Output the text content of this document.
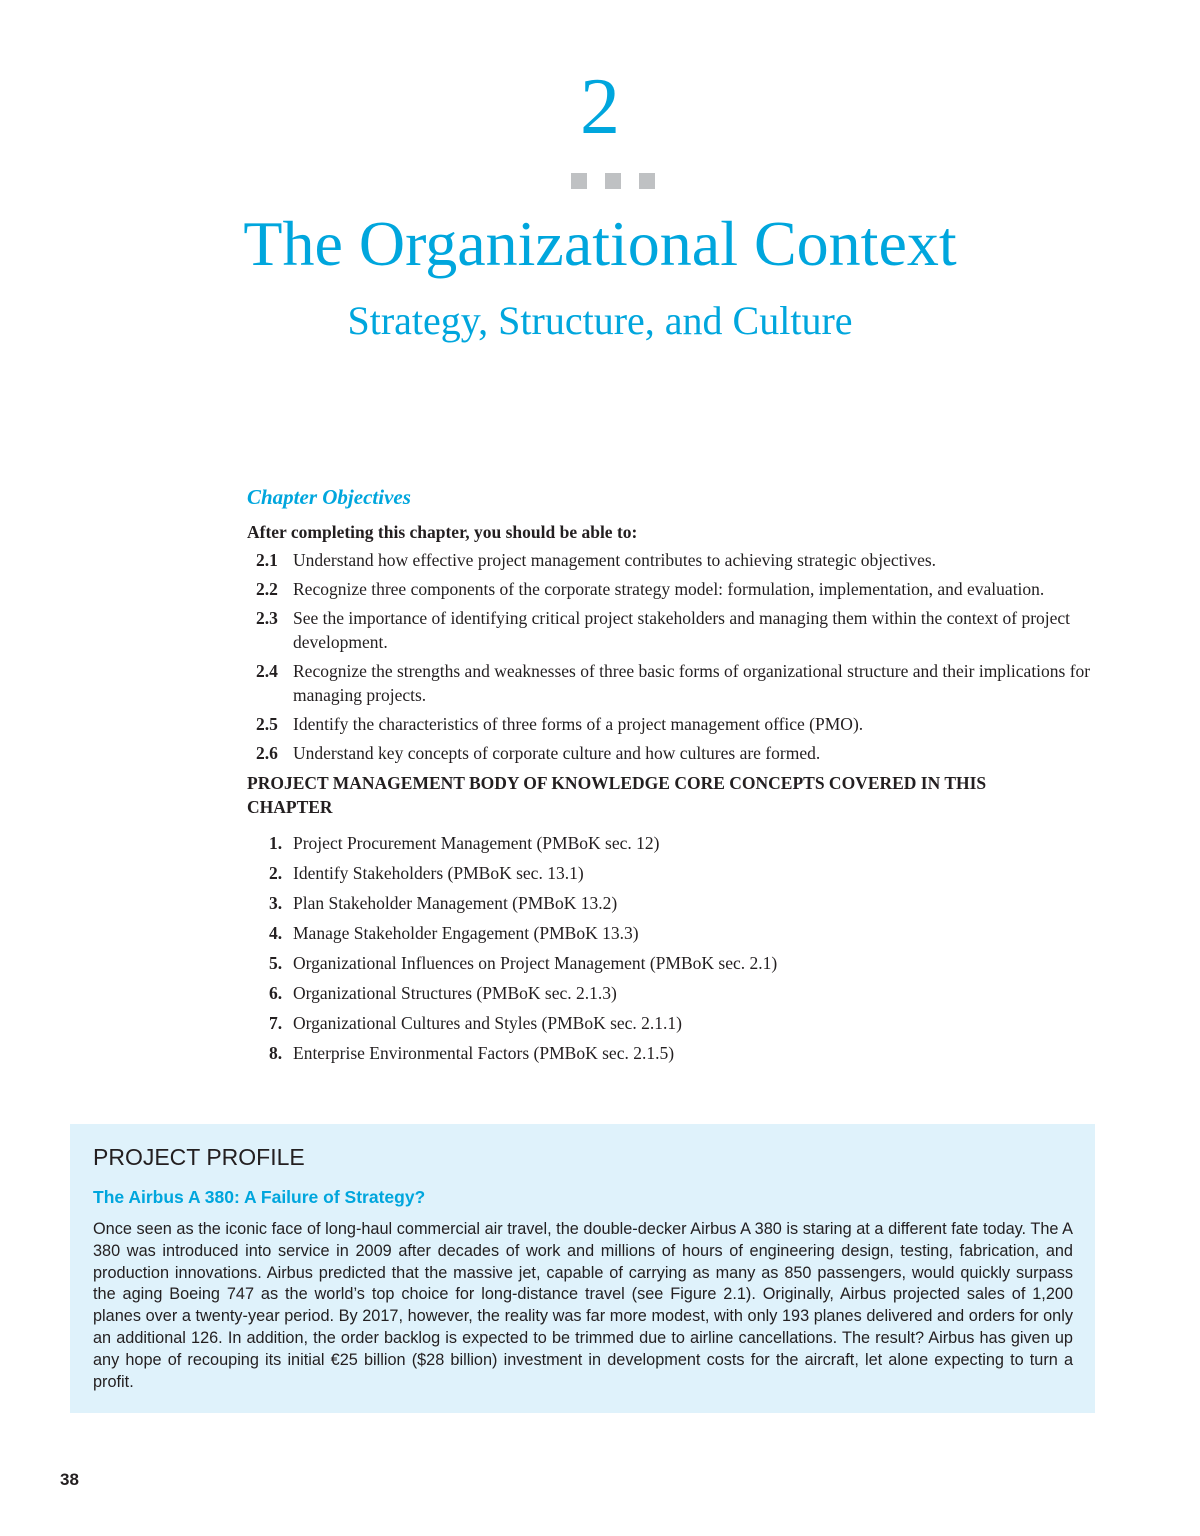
2
The Organizational Context
Strategy, Structure, and Culture
Chapter Objectives
After completing this chapter, you should be able to:
2.1 Understand how effective project management contributes to achieving strategic objectives.
2.2 Recognize three components of the corporate strategy model: formulation, implementation, and evaluation.
2.3 See the importance of identifying critical project stakeholders and managing them within the context of project development.
2.4 Recognize the strengths and weaknesses of three basic forms of organizational structure and their implications for managing projects.
2.5 Identify the characteristics of three forms of a project management office (PMO).
2.6 Understand key concepts of corporate culture and how cultures are formed.
PROJECT MANAGEMENT BODY OF KNOWLEDGE CORE CONCEPTS COVERED IN THIS CHAPTER
1. Project Procurement Management (PMBoK sec. 12)
2. Identify Stakeholders (PMBoK sec. 13.1)
3. Plan Stakeholder Management (PMBoK 13.2)
4. Manage Stakeholder Engagement (PMBoK 13.3)
5. Organizational Influences on Project Management (PMBoK sec. 2.1)
6. Organizational Structures (PMBoK sec. 2.1.3)
7. Organizational Cultures and Styles (PMBoK sec. 2.1.1)
8. Enterprise Environmental Factors (PMBoK sec. 2.1.5)
PROJECT PROFILE
The Airbus A 380: A Failure of Strategy?
Once seen as the iconic face of long-haul commercial air travel, the double-decker Airbus A 380 is staring at a different fate today. The A 380 was introduced into service in 2009 after decades of work and millions of hours of engineering design, testing, fabrication, and production innovations. Airbus predicted that the massive jet, capable of carrying as many as 850 passengers, would quickly surpass the aging Boeing 747 as the world’s top choice for long-distance travel (see Figure 2.1). Originally, Airbus projected sales of 1,200 planes over a twenty-year period. By 2017, however, the reality was far more modest, with only 193 planes delivered and orders for only an additional 126. In addition, the order backlog is expected to be trimmed due to airline cancellations. The result? Airbus has given up any hope of recouping its initial €25 billion ($28 billion) investment in development costs for the aircraft, let alone expecting to turn a profit.
38
